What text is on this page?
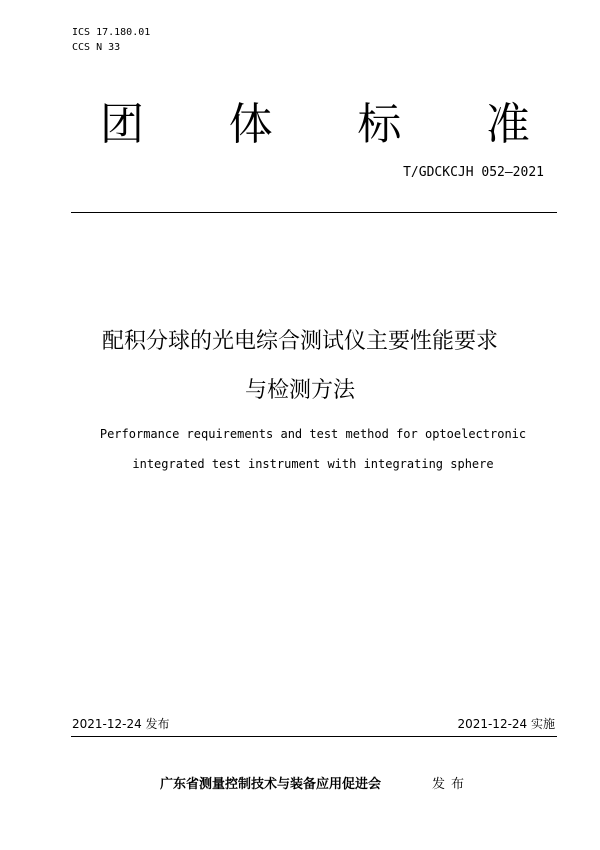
ICS 17.180.01
CCS N 33
团 体 标 准
T/GDCKCJH 052—2021
配积分球的光电综合测试仪主要性能要求
与检测方法
Performance requirements and test method for optoelectronic
integrated test instrument with integrating sphere
2021-12-24 发布	2021-12-24 实施
广东省测量控制技术与装备应用促进会	发布
